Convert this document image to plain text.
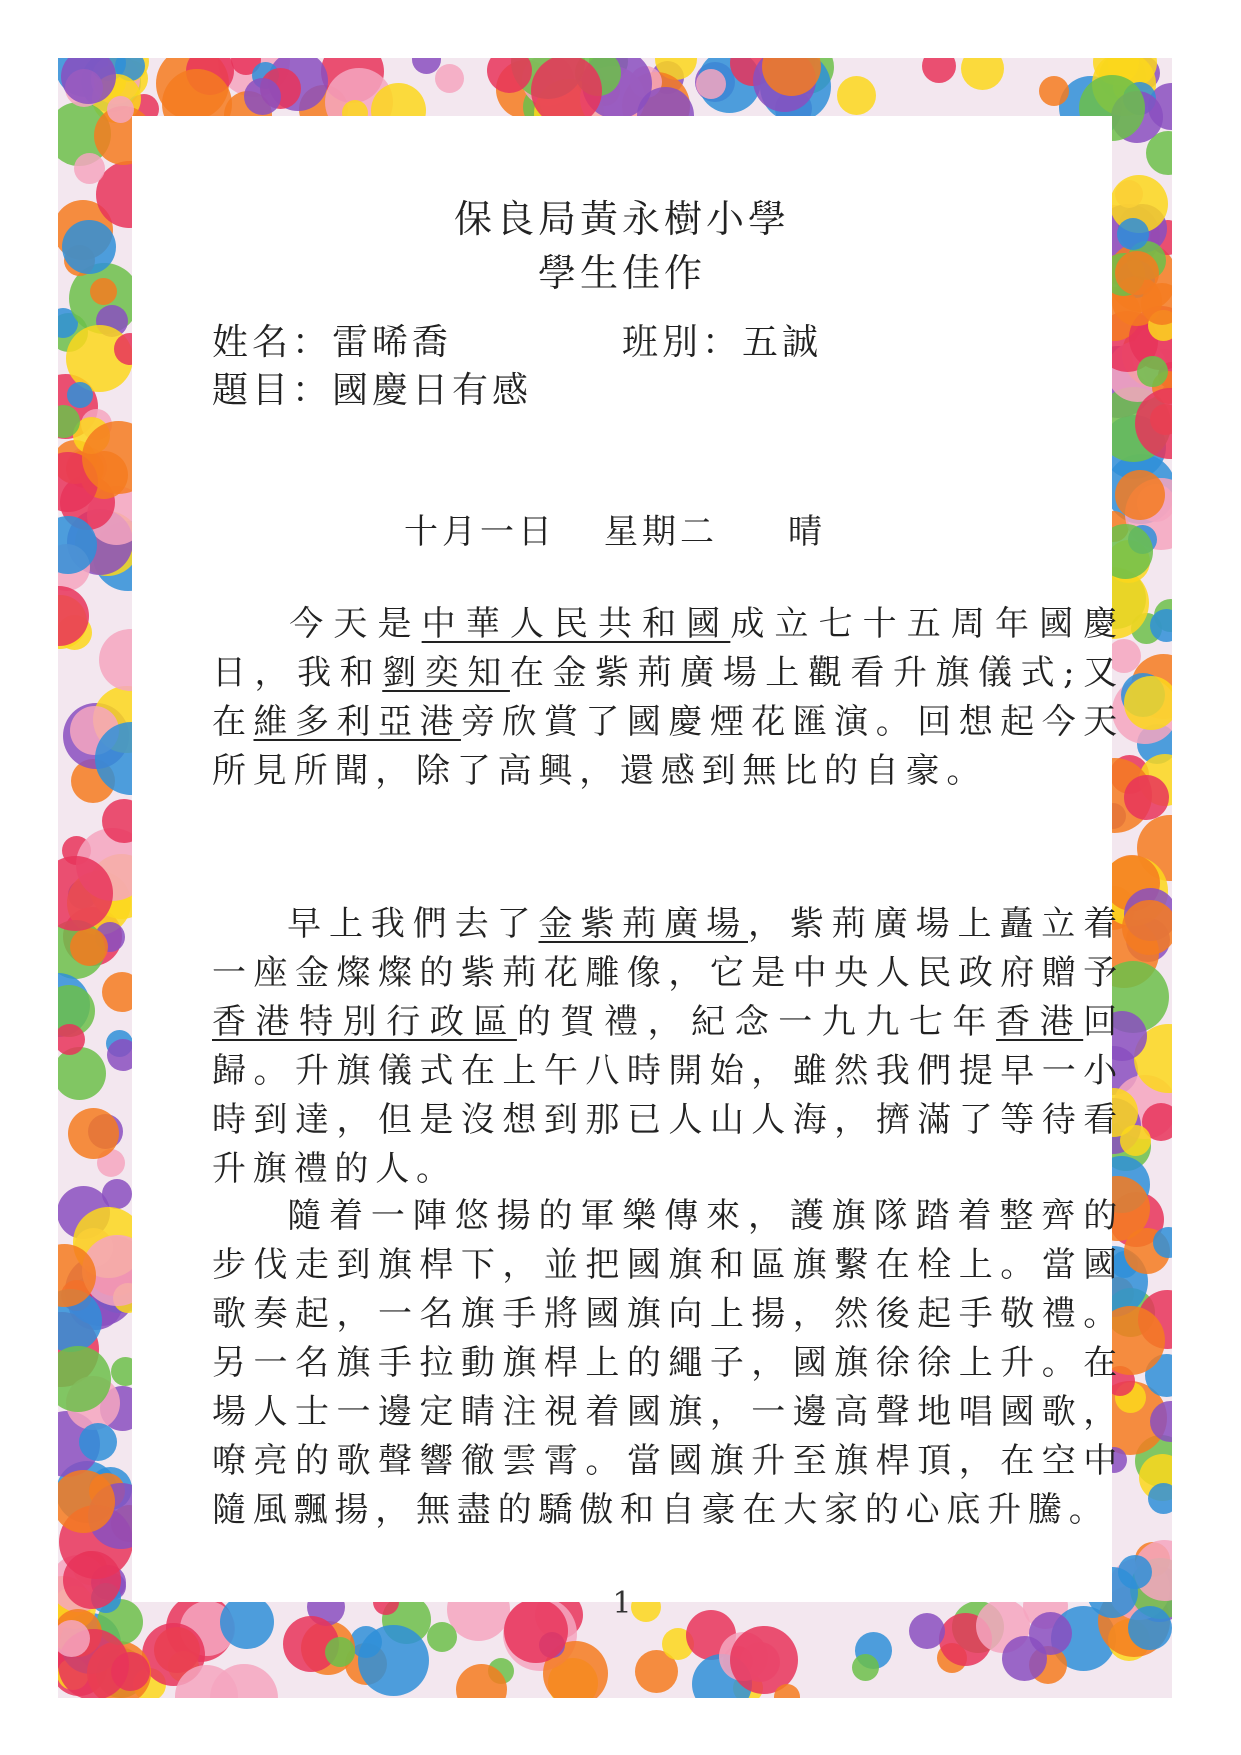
保良局黃永樹小學
學生佳作
姓名：雷晞喬	班別：五誠
題目：國慶日有感
十月一日 星期二 晴
今天是中華人民共和國成立七十五周年國慶日，我和劉奕知在金紫荊廣場上觀看升旗儀式;又在維多利亞港旁欣賞了國慶煙花匯演。回想起今天所見所聞，除了高興，還感到無比的自豪。
早上我們去了金紫荊廣場，紫荊廣場上矗立着一座金燦燦的紫荊花雕像，它是中央人民政府贈予香港特別行政區的賀禮，紀念一九九七年香港回歸。升旗儀式在上午八時開始，雖然我們提早一小時到達，但是沒想到那已人山人海，擠滿了等待看升旗禮的人。
隨着一陣悠揚的軍樂傳來，護旗隊踏着整齊的步伐走到旗桿下，並把國旗和區旗繫在栓上。當國歌奏起，一名旗手將國旗向上揚，然後起手敬禮。另一名旗手拉動旗桿上的繩子，國旗徐徐上升。在場人士一邊定睛注視着國旗，一邊高聲地唱國歌，嘹亮的歌聲響徹雲霄。當國旗升至旗桿頂，在空中隨風飄揚，無盡的驕傲和自豪在大家的心底升騰。
1
